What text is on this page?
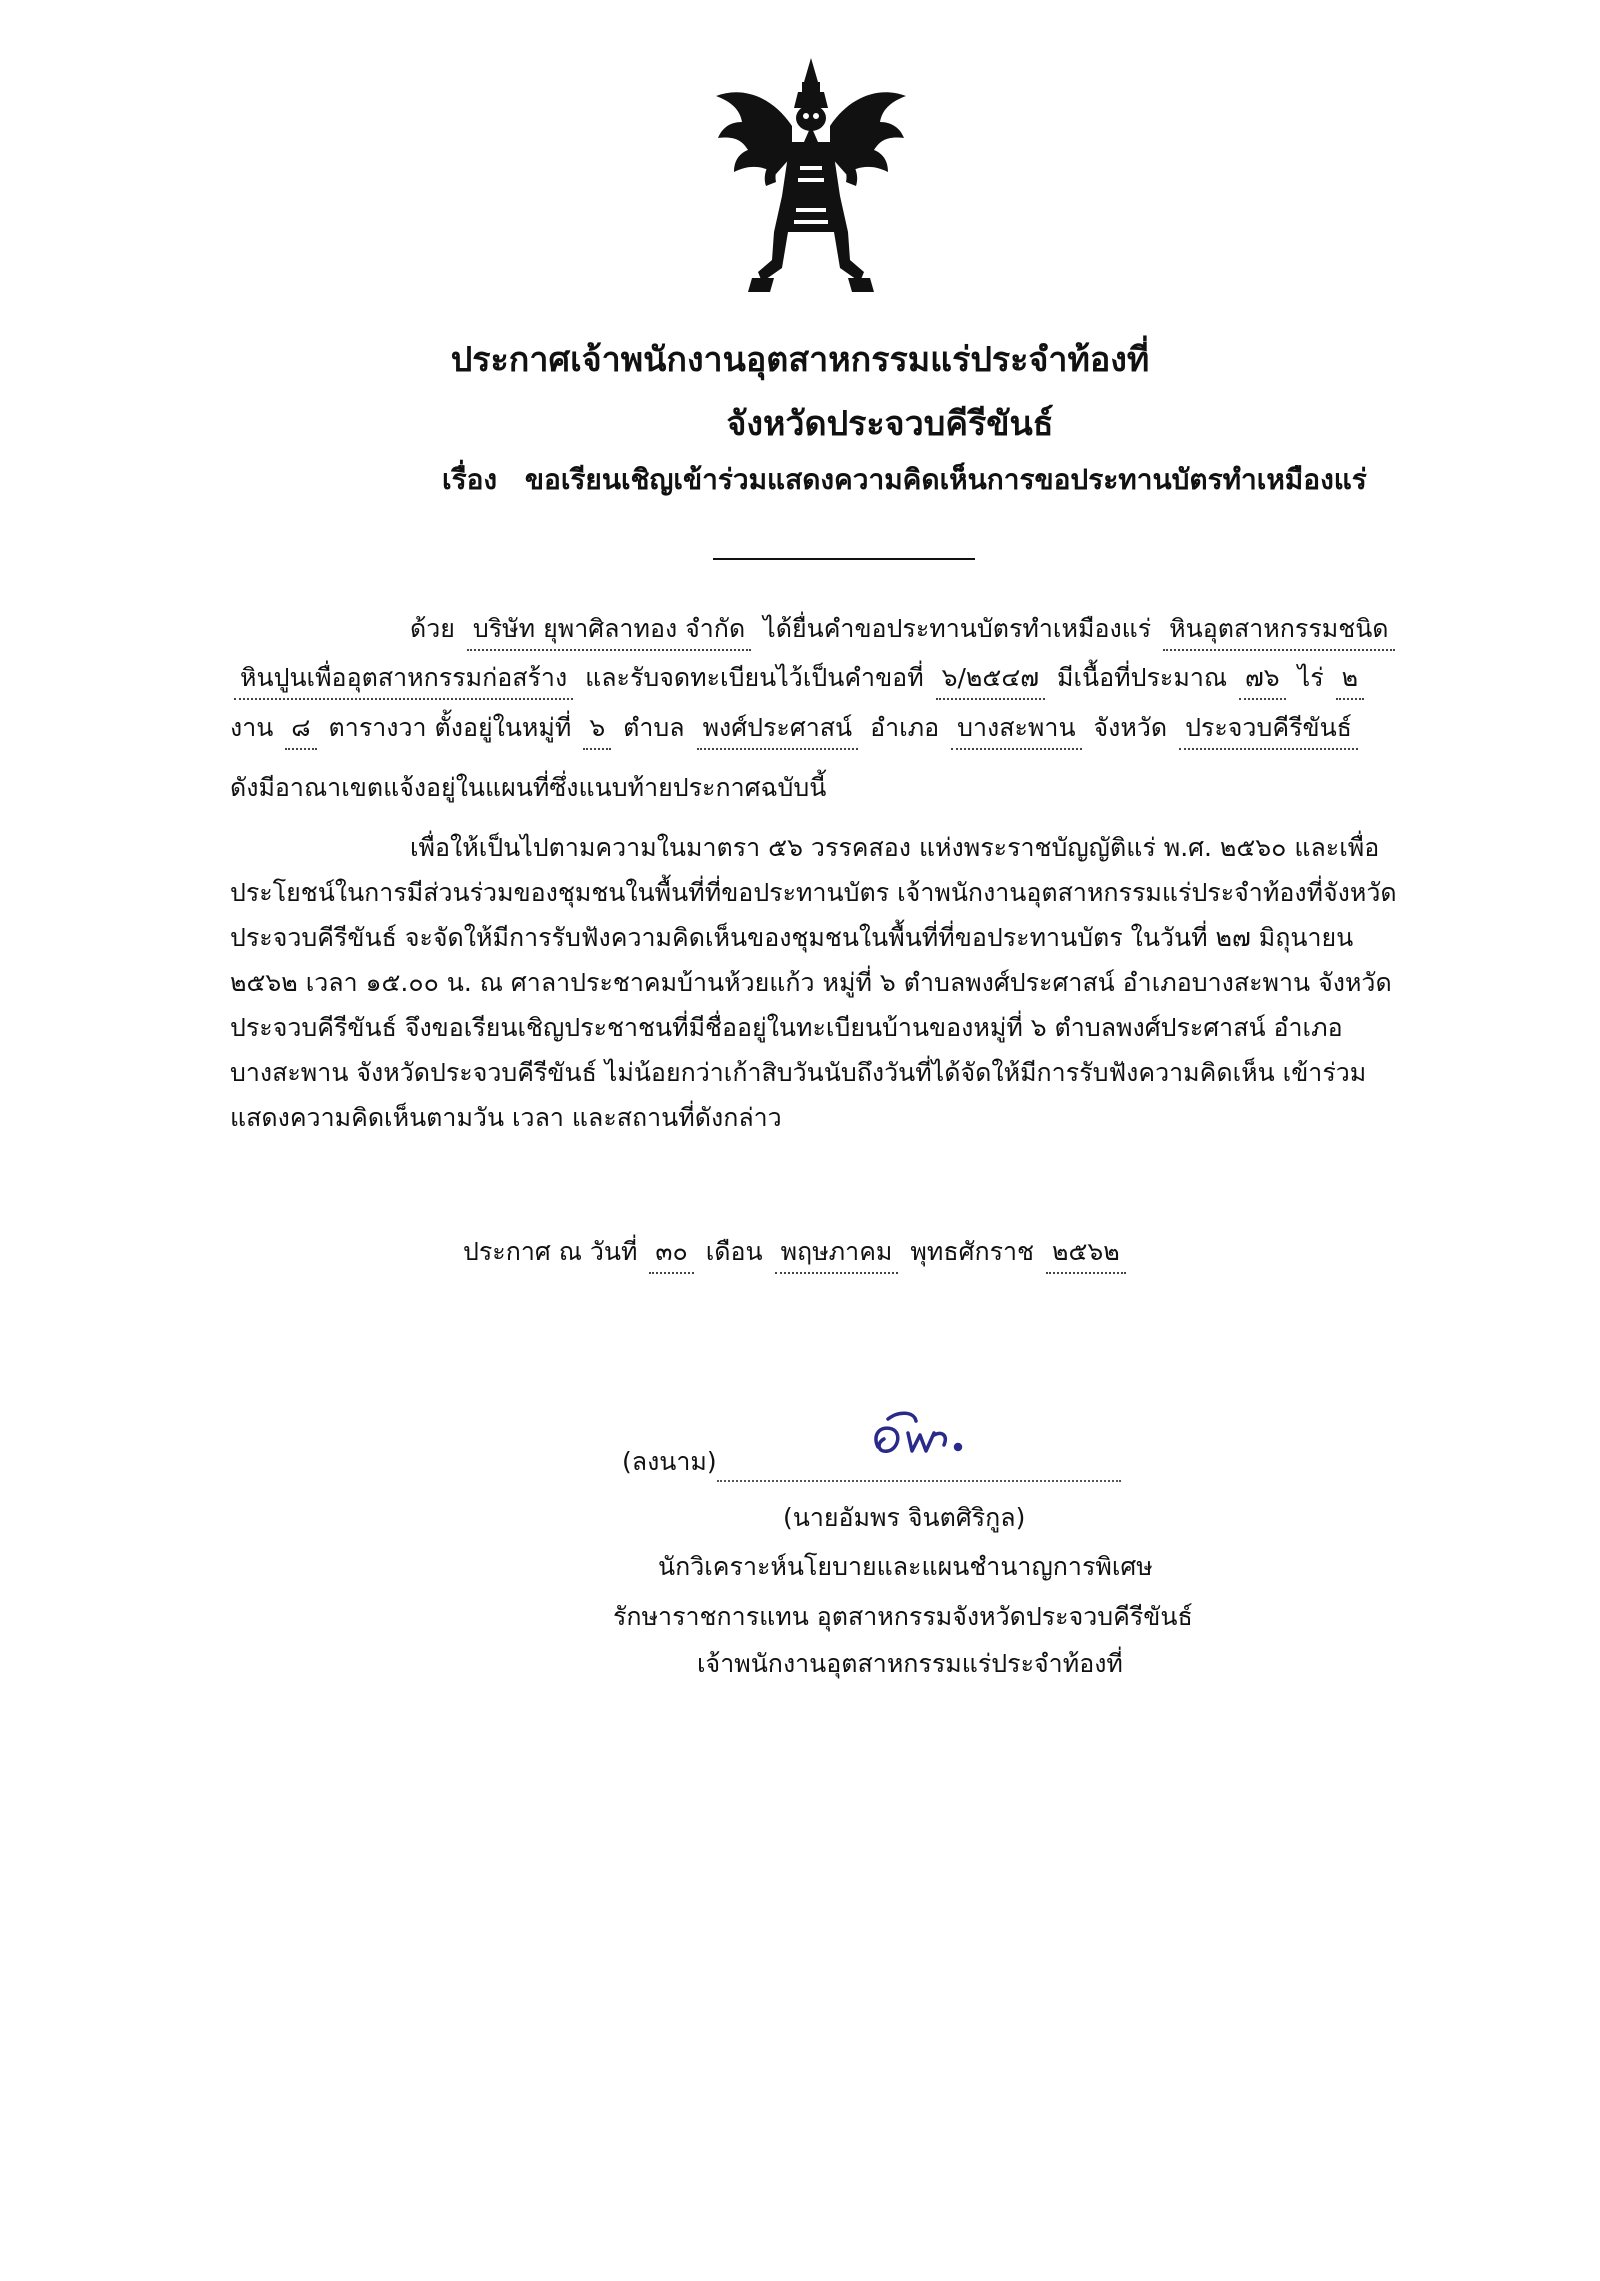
ประกาศเจ้าพนักงานอุตสาหกรรมแร่ประจำท้องที่
จังหวัดประจวบคีรีขันธ์
เรื่อง ขอเรียนเชิญเข้าร่วมแสดงความคิดเห็นการขอประทานบัตรทำเหมืองแร่
ด้วย บริษัท ยุพาศิลาทอง จำกัด ได้ยื่นคำขอประทานบัตรทำเหมืองแร่ หินอุตสาหกรรมชนิด
หินปูนเพื่ออุตสาหกรรมก่อสร้าง และรับจดทะเบียนไว้เป็นคำขอที่ ๖/๒๕๔๗ มีเนื้อที่ประมาณ ๗๖ ไร่ ๒
งาน ๘ ตารางวา ตั้งอยู่ในหมู่ที่ ๖ ตำบล พงศ์ประศาสน์ อำเภอ บางสะพาน จังหวัด ประจวบคีรีขันธ์
ดังมีอาณาเขตแจ้งอยู่ในแผนที่ซึ่งแนบท้ายประกาศฉบับนี้
เพื่อให้เป็นไปตามความในมาตรา ๕๖ วรรคสอง แห่งพระราชบัญญัติแร่ พ.ศ. ๒๕๖๐ และเพื่อ
ประโยชน์ในการมีส่วนร่วมของชุมชนในพื้นที่ที่ขอประทานบัตร เจ้าพนักงานอุตสาหกรรมแร่ประจำท้องที่จังหวัด
ประจวบคีรีขันธ์ จะจัดให้มีการรับฟังความคิดเห็นของชุมชนในพื้นที่ที่ขอประทานบัตร ในวันที่ ๒๗ มิถุนายน
๒๕๖๒ เวลา ๑๕.๐๐ น. ณ ศาลาประชาคมบ้านห้วยแก้ว หมู่ที่ ๖ ตำบลพงศ์ประศาสน์ อำเภอบางสะพาน จังหวัด
ประจวบคีรีขันธ์ จึงขอเรียนเชิญประชาชนที่มีชื่ออยู่ในทะเบียนบ้านของหมู่ที่ ๖ ตำบลพงศ์ประศาสน์ อำเภอ
บางสะพาน จังหวัดประจวบคีรีขันธ์ ไม่น้อยกว่าเก้าสิบวันนับถึงวันที่ได้จัดให้มีการรับฟังความคิดเห็น เข้าร่วม
แสดงความคิดเห็นตามวัน เวลา และสถานที่ดังกล่าว
ประกาศ ณ วันที่ ๓๐ เดือน พฤษภาคม พุทธศักราช ๒๕๖๒
(ลงนาม)
(นายอัมพร จินตศิริกูล)
นักวิเคราะห์นโยบายและแผนชำนาญการพิเศษ
รักษาราชการแทน อุตสาหกรรมจังหวัดประจวบคีรีขันธ์
เจ้าพนักงานอุตสาหกรรมแร่ประจำท้องที่
